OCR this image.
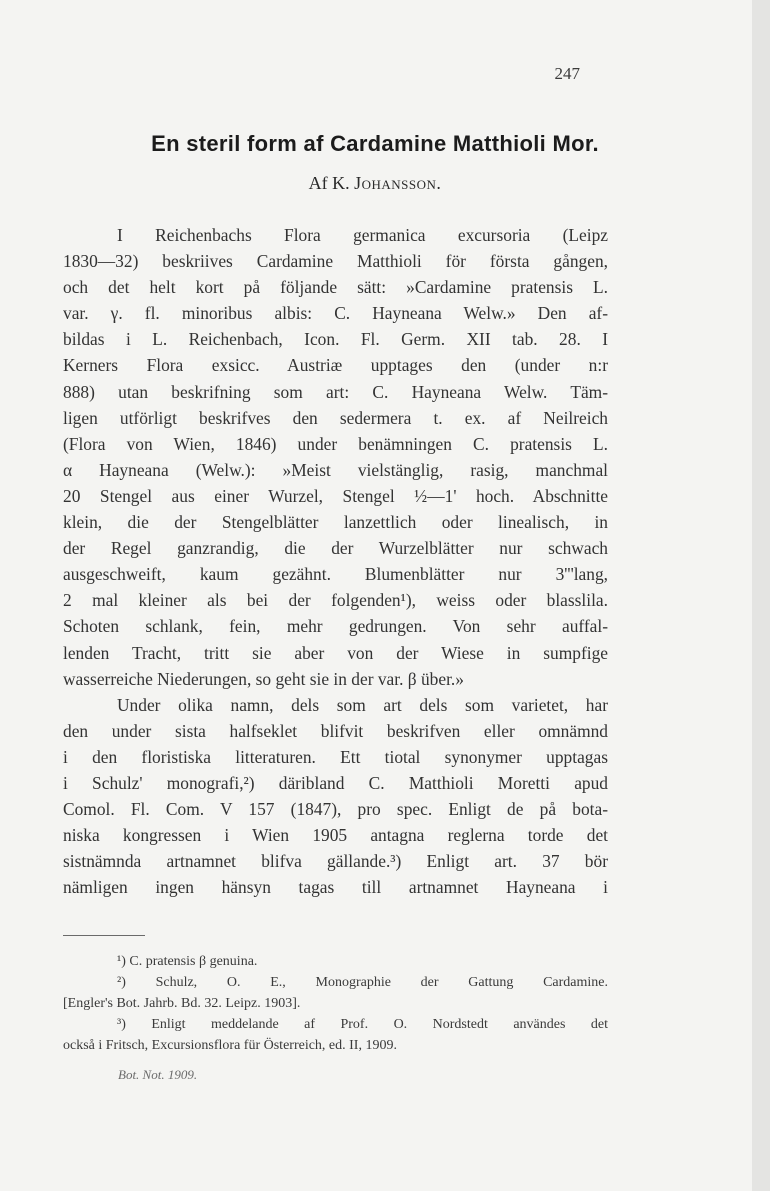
247
En steril form af Cardamine Matthioli Mor.
Af K. Johansson.
I Reichenbachs Flora germanica excursoria (Leipz
1830—32) beskriives Cardamine Matthioli för första gången,
och det helt kort på följande sätt: »Cardamine pratensis L.
var. γ. fl. minoribus albis: C. Hayneana Welw.» Den af-
bildas i L. Reichenbach, Icon. Fl. Germ. XII tab. 28. I
Kerners Flora exsicc. Austriæ upptages den (under n:r
888) utan beskrifning som art: C. Hayneana Welw. Täm-
ligen utförligt beskrifves den sedermera t. ex. af Neilreich
(Flora von Wien, 1846) under benämningen C. pratensis L.
α Hayneana (Welw.): »Meist vielstänglig, rasig, manchmal
20 Stengel aus einer Wurzel, Stengel ½—1' hoch. Abschnitte
klein, die der Stengelblätter lanzettlich oder linealisch, in
der Regel ganzrandig, die der Wurzelblätter nur schwach
ausgeschweift, kaum gezähnt. Blumenblätter nur 3'''lang,
2 mal kleiner als bei der folgenden¹), weiss oder blasslila.
Schoten schlank, fein, mehr gedrungen. Von sehr auffal-
lenden Tracht, tritt sie aber von der Wiese in sumpfige
wasserreiche Niederungen, so geht sie in der var. β über.»
Under olika namn, dels som art dels som varietet, har
den under sista halfseklet blifvit beskrifven eller omnämnd
i den floristiska litteraturen. Ett tiotal synonymer upptagas
i Schulz' monografi,²) däribland C. Matthioli Moretti apud
Comol. Fl. Com. V 157 (1847), pro spec. Enligt de på bota-
niska kongressen i Wien 1905 antagna reglerna torde det
sistnämnda artnamnet blifva gällande.³) Enligt art. 37 bör
nämligen ingen hänsyn tagas till artnamnet Hayneana i
¹) C. pratensis β genuina.
²) Schulz, O. E., Monographie der Gattung Cardamine.
[Engler's Bot. Jahrb. Bd. 32. Leipz. 1903].
³) Enligt meddelande af Prof. O. Nordstedt anvӓndes det
också i Fritsch, Excursionsflora für Österreich, ed. II, 1909.
Bot. Not. 1909.
